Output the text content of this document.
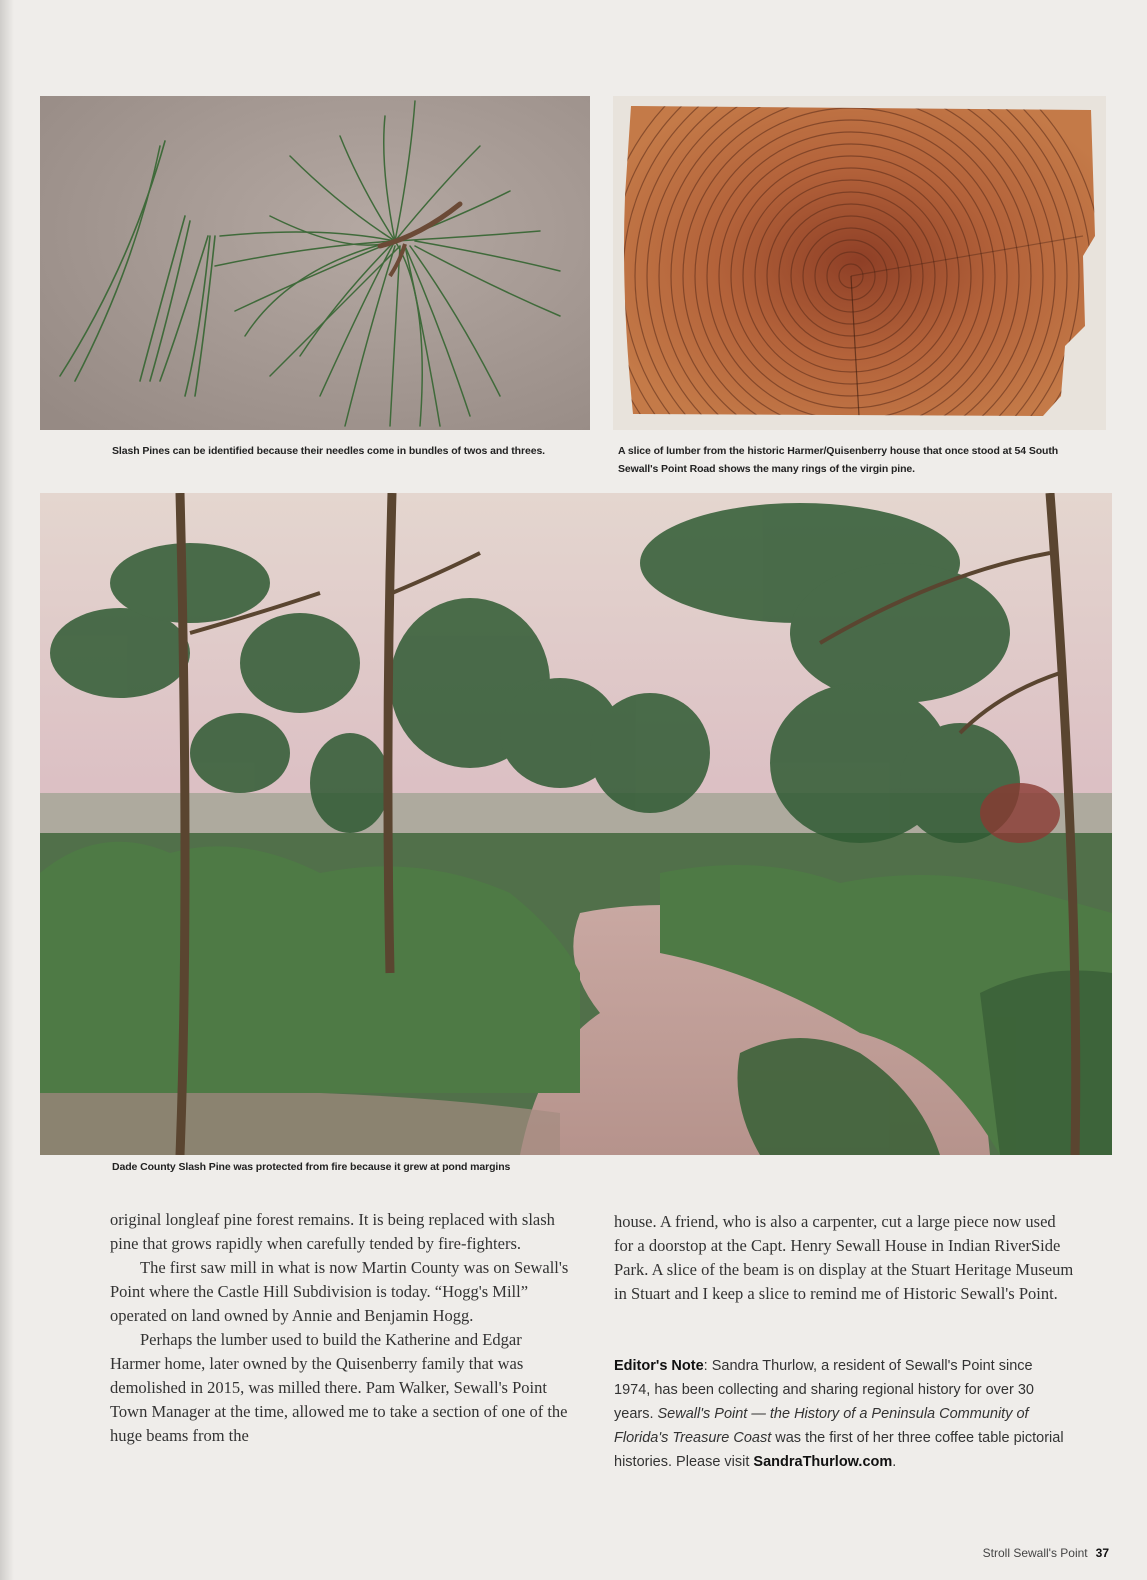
Slash Pines can be identified because their needles come in bundles of twos and threes.	A slice of lumber from the historic Harmer/Quisenberry house that once stood at 54 South
Sewall's Point Road shows the many rings of the virgin pine.
Dade County Slash Pine was protected from fire because it grew at pond margins

original longleaf pine forest remains. It is being replaced with slash pine that grows rapidly when carefully tended by fire-fighters.

The first saw mill in what is now Martin County was on Sewall's Point where the Castle Hill Subdivision is today. “Hogg's Mill” operated on land owned by Annie and Benjamin Hogg.

Perhaps the lumber used to build the Katherine and Edgar Harmer home, later owned by the Quisenberry family that was demolished in 2015, was milled there. Pam Walker, Sewall's Point Town Manager at the time, allowed me to take a section of one of the huge beams from the

house. A friend, who is also a carpenter, cut a large piece now used for a doorstop at the Capt. Henry Sewall House in Indian RiverSide Park. A slice of the beam is on display at the Stuart Heritage Museum in Stuart and I keep a slice to remind me of Historic Sewall's Point.

Editor's Note: Sandra Thurlow, a resident of Sewall's Point since 1974, has been collecting and sharing regional history for over 30 years. Sewall's Point — the History of a Peninsula Community of Florida's Treasure Coast was the first of her three coffee table pictorial histories. Please visit SandraThurlow.com.
Stroll Sewall's Point 37
